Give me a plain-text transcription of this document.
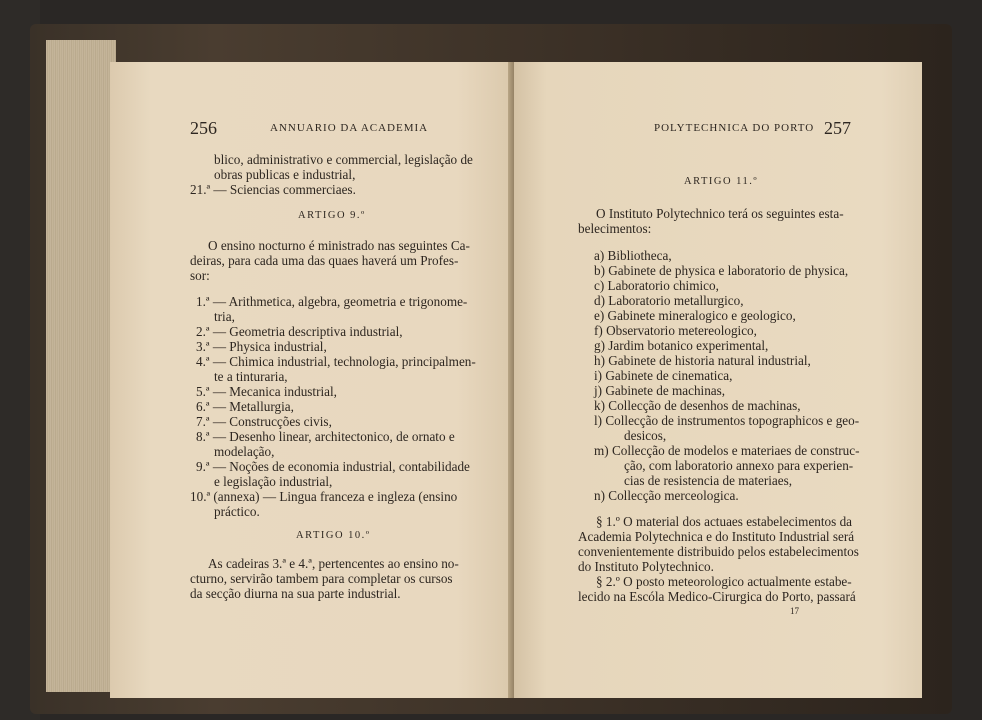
256	ANNUARIO DA ACADEMIA
blico, administrativo e commercial, legislação de
obras publicas e industrial,
21.ª — Sciencias commerciaes.
ARTIGO 9.º
O ensino nocturno é ministrado nas seguintes Ca-
deiras, para cada uma das quaes haverá um Profes-
sor:
1.ª — Arithmetica, algebra, geometria e trigonome-
tria,
2.ª — Geometria descriptiva industrial,
3.ª — Physica industrial,
4.ª — Chimica industrial, technologia, principalmen-
te a tinturaria,
5.ª — Mecanica industrial,
6.ª — Metallurgia,
7.ª — Construcções civis,
8.ª — Desenho linear, architectonico, de ornato e
modelação,
9.ª — Noções de economia industrial, contabilidade
e legislação industrial,
10.ª (annexa) — Lingua franceza e ingleza (ensino
práctico.
ARTIGO 10.º
As cadeiras 3.ª e 4.ª, pertencentes ao ensino no-
cturno, servirão tambem para completar os cursos
da secção diurna na sua parte industrial.
POLYTECHNICA DO PORTO 257
ARTIGO 11.º
O Instituto Polytechnico terá os seguintes esta-
belecimentos:
a) Bibliotheca,
b) Gabinete de physica e laboratorio de physica,
c) Laboratorio chimico,
d) Laboratorio metallurgico,
e) Gabinete mineralogico e geologico,
f) Observatorio metereologico,
g) Jardim botanico experimental,
h) Gabinete de historia natural industrial,
i) Gabinete de cinematica,
j) Gabinete de machinas,
k) Collecção de desenhos de machinas,
l) Collecção de instrumentos topographicos e geo-
desicos,
m) Collecção de modelos e materiaes de construc-
ção, com laboratorio annexo para experien-
cias de resistencia de materiaes,
n) Collecção merceologica.
§ 1.º O material dos actuaes estabelecimentos da
Academia Polytechnica e do Instituto Industrial será
convenientemente distribuido pelos estabelecimentos
do Instituto Polytechnico.
§ 2.º O posto meteorologico actualmente estabe-
lecido na Escóla Medico-Cirurgica do Porto, passará
17
